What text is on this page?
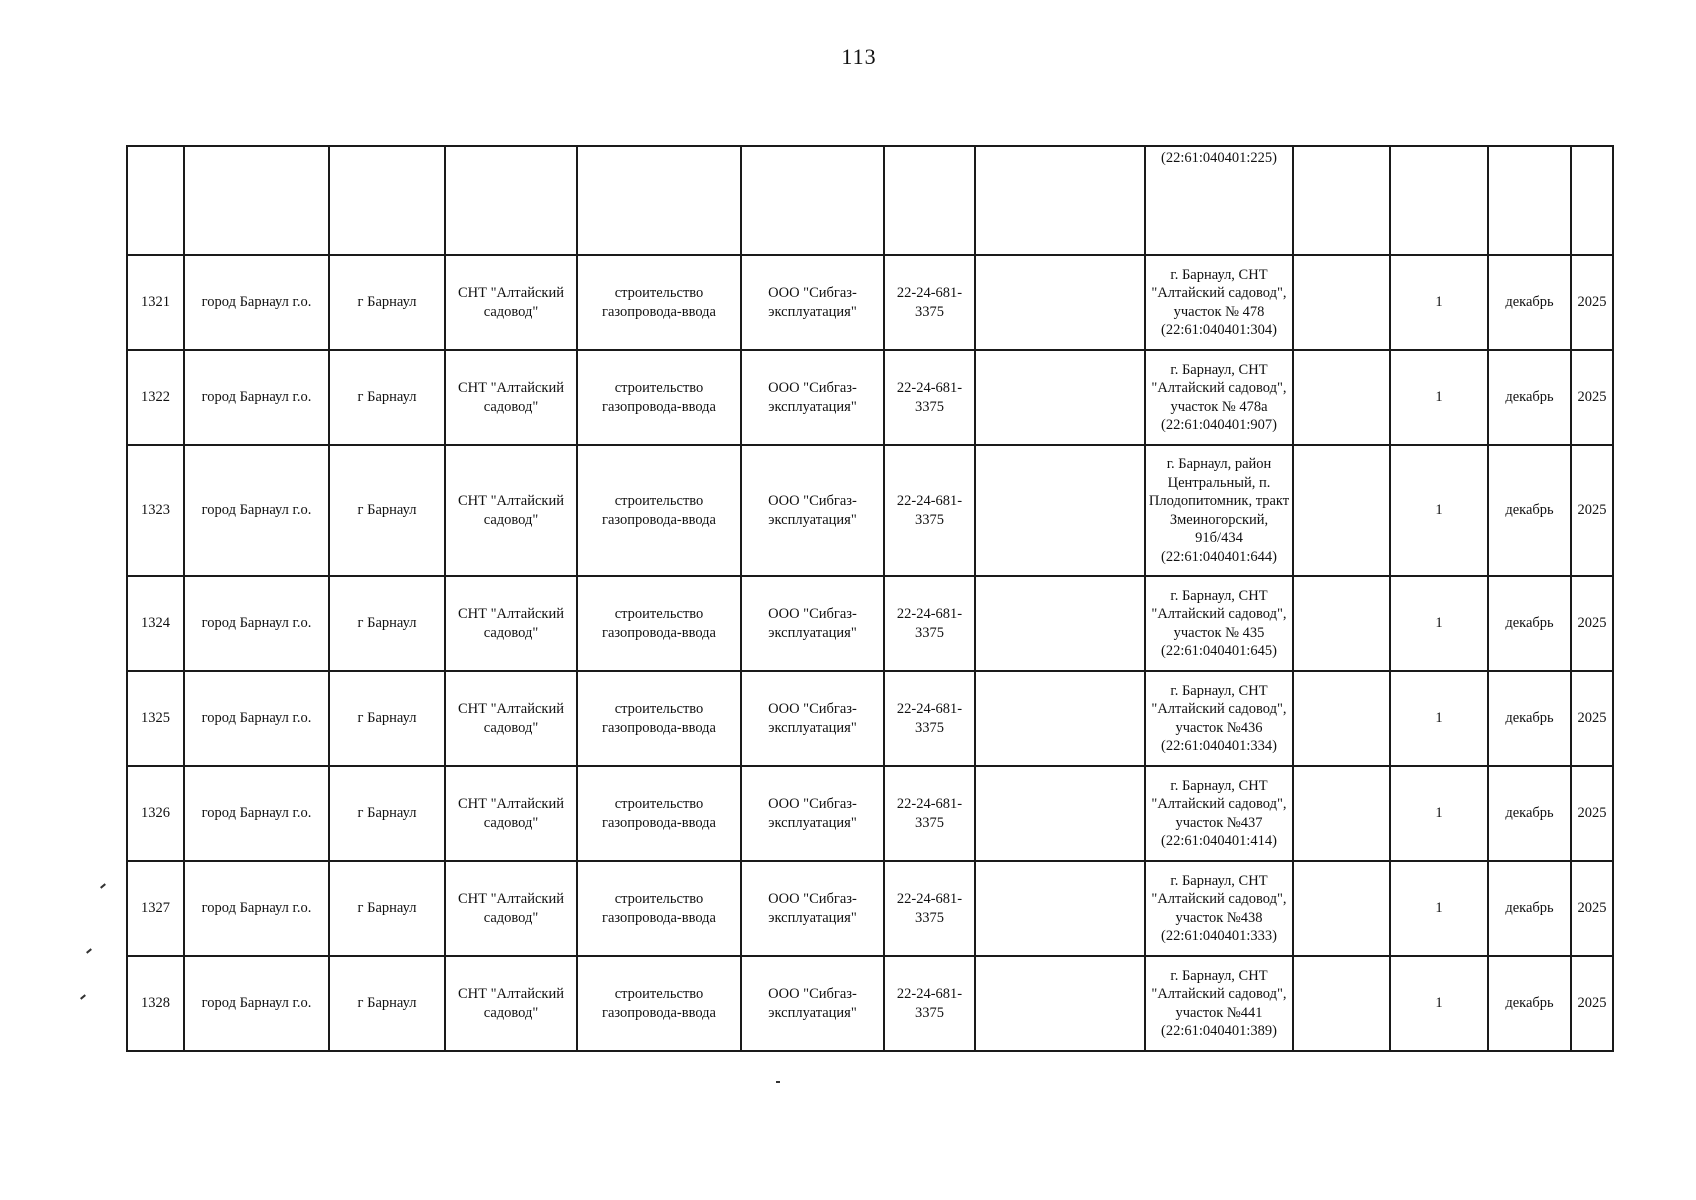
113
								(22:61:040401:225)				
1321	город Барнаул г.о.	г Барнаул	СНТ "Алтайский садовод"	строительство газопровода-ввода	ООО "Сибгаз-эксплуатация"	22-24-681-3375		г. Барнаул, СНТ "Алтайский садовод", участок № 478 (22:61:040401:304)		1	декабрь	2025
1322	город Барнаул г.о.	г Барнаул	СНТ "Алтайский садовод"	строительство газопровода-ввода	ООО "Сибгаз-эксплуатация"	22-24-681-3375		г. Барнаул, СНТ "Алтайский садовод", участок № 478а (22:61:040401:907)		1	декабрь	2025
1323	город Барнаул г.о.	г Барнаул	СНТ "Алтайский садовод"	строительство газопровода-ввода	ООО "Сибгаз-эксплуатация"	22-24-681-3375		г. Барнаул, район Центральный, п. Плодопитомник, тракт Змеиногорский, 91б/434 (22:61:040401:644)		1	декабрь	2025
1324	город Барнаул г.о.	г Барнаул	СНТ "Алтайский садовод"	строительство газопровода-ввода	ООО "Сибгаз-эксплуатация"	22-24-681-3375		г. Барнаул, СНТ "Алтайский садовод", участок № 435 (22:61:040401:645)		1	декабрь	2025
1325	город Барнаул г.о.	г Барнаул	СНТ "Алтайский садовод"	строительство газопровода-ввода	ООО "Сибгаз-эксплуатация"	22-24-681-3375		г. Барнаул, СНТ "Алтайский садовод", участок №436 (22:61:040401:334)		1	декабрь	2025
1326	город Барнаул г.о.	г Барнаул	СНТ "Алтайский садовод"	строительство газопровода-ввода	ООО "Сибгаз-эксплуатация"	22-24-681-3375		г. Барнаул, СНТ "Алтайский садовод", участок №437 (22:61:040401:414)		1	декабрь	2025
1327	город Барнаул г.о.	г Барнаул	СНТ "Алтайский садовод"	строительство газопровода-ввода	ООО "Сибгаз-эксплуатация"	22-24-681-3375		г. Барнаул, СНТ "Алтайский садовод", участок №438 (22:61:040401:333)		1	декабрь	2025
1328	город Барнаул г.о.	г Барнаул	СНТ "Алтайский садовод"	строительство газопровода-ввода	ООО "Сибгаз-эксплуатация"	22-24-681-3375		г. Барнаул, СНТ "Алтайский садовод", участок №441 (22:61:040401:389)		1	декабрь	2025
